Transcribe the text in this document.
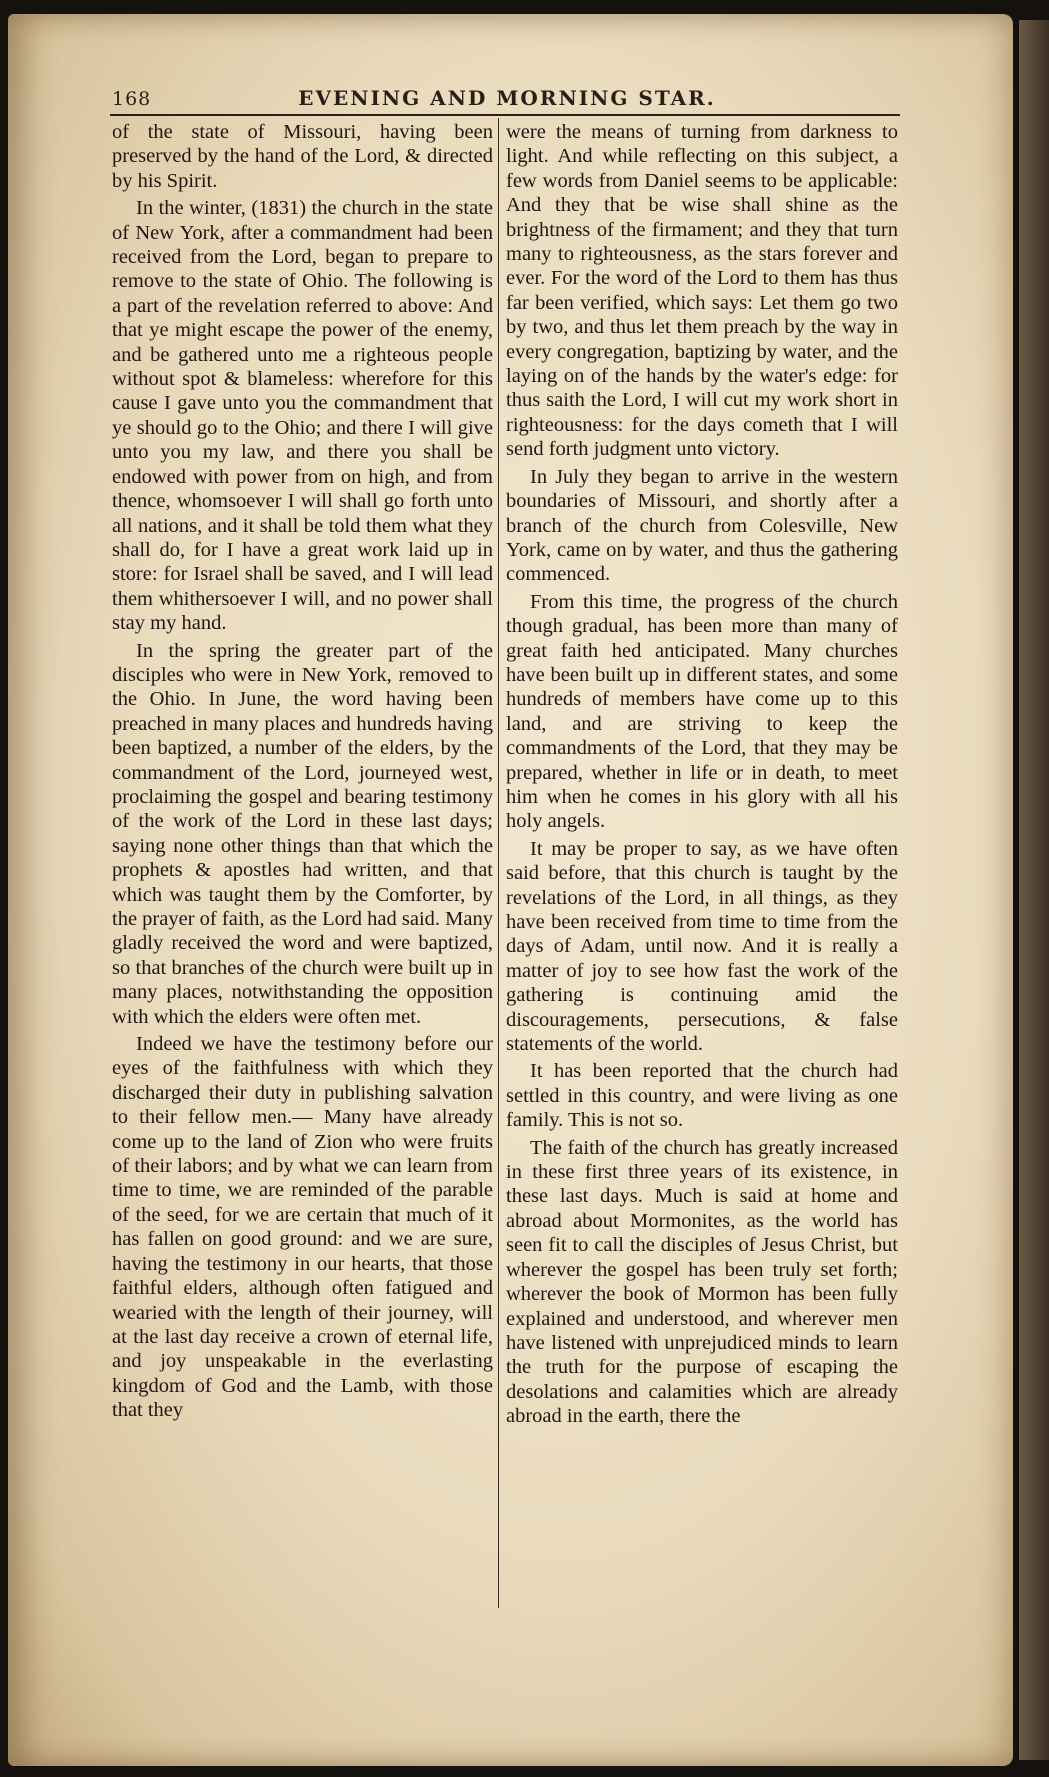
168	EVENING AND MORNING STAR.

of the state of Missouri, having been preserved by the hand of the Lord, & directed by his Spirit.

In the winter, (1831) the church in the state of New York, after a commandment had been received from the Lord, began to prepare to remove to the state of Ohio. The following is a part of the revelation referred to above: And that ye might escape the power of the enemy, and be gathered unto me a righteous people without spot & blameless: wherefore for this cause I gave unto you the commandment that ye should go to the Ohio; and there I will give unto you my law, and there you shall be endowed with power from on high, and from thence, whomsoever I will shall go forth unto all nations, and it shall be told them what they shall do, for I have a great work laid up in store: for Israel shall be saved, and I will lead them whithersoever I will, and no power shall stay my hand.

In the spring the greater part of the disciples who were in New York, removed to the Ohio. In June, the word having been preached in many places and hundreds having been baptized, a number of the elders, by the commandment of the Lord, journeyed west, proclaiming the gospel and bearing testimony of the work of the Lord in these last days; saying none other things than that which the prophets & apostles had written, and that which was taught them by the Comforter, by the prayer of faith, as the Lord had said. Many gladly received the word and were baptized, so that branches of the church were built up in many places, notwithstanding the opposition with which the elders were often met.

Indeed we have the testimony before our eyes of the faithfulness with which they discharged their duty in publishing salvation to their fellow men.— Many have already come up to the land of Zion who were fruits of their labors; and by what we can learn from time to time, we are reminded of the parable of the seed, for we are certain that much of it has fallen on good ground: and we are sure, having the testimony in our hearts, that those faithful elders, although often fatigued and wearied with the length of their journey, will at the last day receive a crown of eternal life, and joy unspeakable in the everlasting kingdom of God and the Lamb, with those that they

were the means of turning from darkness to light. And while reflecting on this subject, a few words from Daniel seems to be applicable: And they that be wise shall shine as the brightness of the firmament; and they that turn many to righteousness, as the stars forever and ever. For the word of the Lord to them has thus far been verified, which says: Let them go two by two, and thus let them preach by the way in every congregation, baptizing by water, and the laying on of the hands by the water's edge: for thus saith the Lord, I will cut my work short in righteousness: for the days cometh that I will send forth judgment unto victory.

In July they began to arrive in the western boundaries of Missouri, and shortly after a branch of the church from Colesville, New York, came on by water, and thus the gathering commenced.

From this time, the progress of the church though gradual, has been more than many of great faith hed anticipated. Many churches have been built up in different states, and some hundreds of members have come up to this land, and are striving to keep the commandments of the Lord, that they may be prepared, whether in life or in death, to meet him when he comes in his glory with all his holy angels.

It may be proper to say, as we have often said before, that this church is taught by the revelations of the Lord, in all things, as they have been received from time to time from the days of Adam, until now. And it is really a matter of joy to see how fast the work of the gathering is continuing amid the discouragements, persecutions, & false statements of the world.

It has been reported that the church had settled in this country, and were living as one family. This is not so.

The faith of the church has greatly increased in these first three years of its existence, in these last days. Much is said at home and abroad about Mormonites, as the world has seen fit to call the disciples of Jesus Christ, but wherever the gospel has been truly set forth; wherever the book of Mormon has been fully explained and understood, and wherever men have listened with unprejudiced minds to learn the truth for the purpose of escaping the desolations and calamities which are already abroad in the earth, there the
